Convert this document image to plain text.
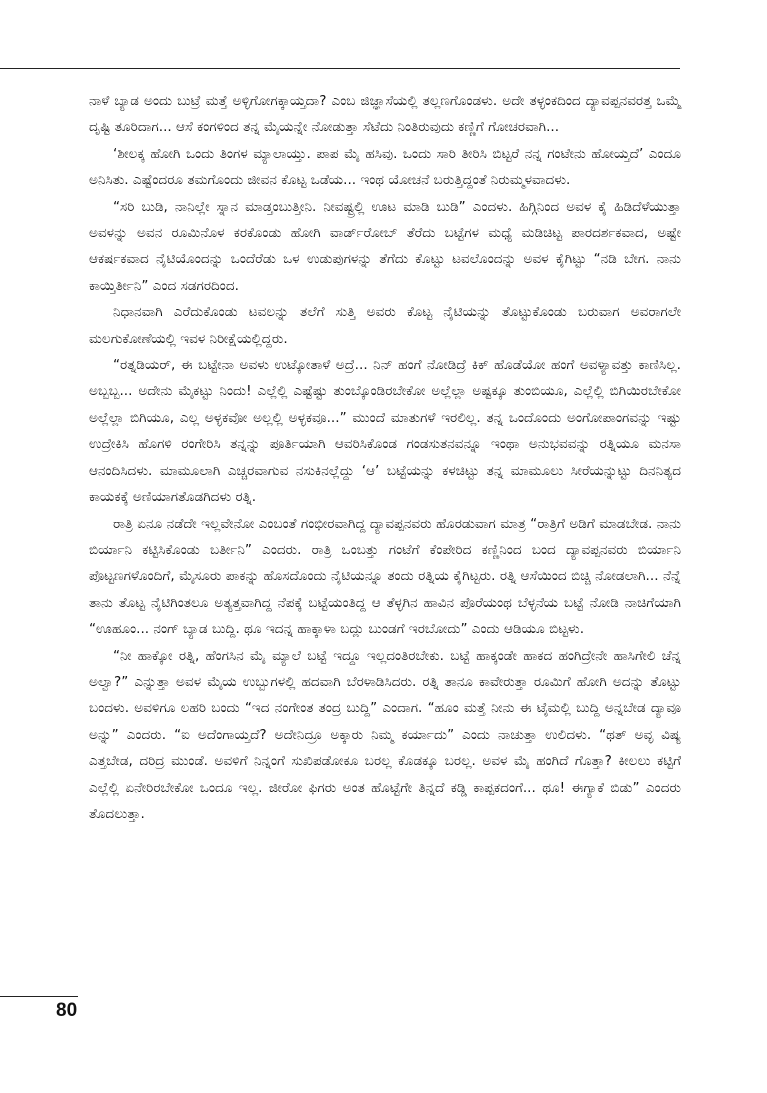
ನಾಳೆ ಬ್ಯಾಡ ಅಂದು ಬುಟ್ರೆ ಮತ್ತೆ ಅಳ್ಳಿಗೋಗಕ್ಕಾಯ್ತದಾ? ಎಂಬ ಜಿಜ್ಞಾಸೆಯಲ್ಲಿ ತಲ್ಲಣಗೊಂಡಳು. ಅದೇ ತಳ್ಳಂಕದಿಂದ ದ್ಯಾವಪ್ಪನವರತ್ತ ಒಮ್ಮೆ ದೃಷ್ಟಿ ತೂರಿದಾಗ... ಆಸೆ ಕಂಗಳಿಂದ ತನ್ನ ಮೈಯನ್ನೇ ನೋಡುತ್ತಾ ಸೆಟೆದು ನಿಂತಿರುವುದು ಕಣ್ಣಿಗೆ ಗೋಚರವಾಗಿ...

‘ಶೀಲಕ್ಕ ಹೋಗಿ ಒಂದು ತಿಂಗಳ ಮ್ಯಾಲಾಯ್ತು. ಪಾಪ ಮೈ ಹಸಿವು. ಒಂದು ಸಾರಿ ತೀರಿಸಿ ಬಿಟ್ಟರೆ ನನ್ನ ಗಂಟೇನು ಹೋಯ್ತದೆ’ ಎಂದೂ ಅನಿಸಿತು. ಎಷ್ಟೆಂದರೂ ತಮಗೊಂದು ಜೀವನ ಕೊಟ್ಟ ಒಡೆಯ... ಇಂಥ ಯೋಚನೆ ಬರುತ್ತಿದ್ದಂತೆ ನಿರುಮ್ಮಳವಾದಳು.

“ಸರಿ ಬುಡಿ, ನಾನಿಲ್ಲೇ ಸ್ನಾನ ಮಾಡ್ತಂಬುತ್ತೀನಿ. ನೀವಷ್ಟ್ರಲ್ಲಿ ಊಟ ಮಾಡಿ ಬುಡಿ” ಎಂದಳು. ಹಿಗ್ಗಿನಿಂದ ಅವಳ ಕೈ ಹಿಡಿದೆಳೆಯುತ್ತಾ ಅವಳನ್ನು ಅವನ ರೂಮಿನೊಳ ಕರಕೊಂಡು ಹೋಗಿ ವಾರ್ಡ್‌ರೋಬ್ ತೆರೆದು ಬಟ್ಟೆಗಳ ಮಧ್ಯೆ ಮಡಿಚಿಟ್ಟ ಪಾರದರ್ಶಕವಾದ, ಅಷ್ಟೇ ಆಕರ್ಷಕವಾದ ನೈಟಿಯೊಂದನ್ನು ಒಂದೆರೆಡು ಒಳ ಉಡುಪುಗಳನ್ನು ತೆಗೆದು ಕೊಟ್ಟು ಟವಲೊಂದನ್ನು ಅವಳ ಕೈಗಿಟ್ಟು “ನಡಿ ಬೇಗ. ನಾನು ಕಾಯ್ತಿರ್ತೀನಿ” ಎಂದ ಸಡಗರದಿಂದ.

ನಿಧಾನವಾಗಿ ಎರೆದುಕೊಂಡು ಟವಲನ್ನು ತಲೆಗೆ ಸುತ್ತಿ ಅವರು ಕೊಟ್ಟ ನೈಟಿಯನ್ನು ತೊಟ್ಟುಕೊಂಡು ಬರುವಾಗ ಅವರಾಗಲೇ ಮಲಗುಕೋಣೆಯಲ್ಲಿ ಇವಳ ನಿರೀಕ್ಷೆಯಲ್ಲಿದ್ದರು.

“ರತ್ನಡಿಯರ್, ಈ ಬಟ್ಟೇನಾ ಅವಳು ಉಟ್ಕೋತಾಳೆ ಅದ್ರೆ... ನಿನ್ ಹಂಗೆ ನೋಡಿದ್ರೆ ಕಿಕ್ ಹೊಡೆಯೋ ಹಂಗೆ ಅವಳ್ಯಾವತ್ತು ಕಾಣಿಸಿಲ್ಲ. ಅಬ್ಬಬ್ಬ... ಅದೇನು ಮೈಕಟ್ಟು ನಿಂದು! ಎಲ್ಲೆಲ್ಲಿ ಎಷ್ಟೆಷ್ಟು ತುಂಬ್ಕೊಂಡಿರಬೇಕೋ ಅಲ್ಲೆಲ್ಲಾ ಅಷ್ಟಕ್ಕೂ ತುಂಬಿಯೂ, ಎಲ್ಲೆಲ್ಲಿ ಬಿಗಿಯಿರಬೇಕೋ ಅಲ್ಲೆಲ್ಲಾ ಬಿಗಿಯೂ, ಎಲ್ಲ ಅಳ್ಳಕವೋ ಅಲ್ಲಲ್ಲಿ ಅಳ್ಳಕವೂ...” ಮುಂದೆ ಮಾತುಗಳೆ ಇರಲಿಲ್ಲ. ತನ್ನ ಒಂದೊಂದು ಅಂಗೋಪಾಂಗವನ್ನು ಇಷ್ಟು ಉದ್ರೇಕಿಸಿ ಹೊಗಳಿ ರಂಗೇರಿಸಿ ತನ್ನನ್ನು ಪೂರ್ತಿಯಾಗಿ ಆವರಿಸಿಕೊಂಡ ಗಂಡಸುತನವನ್ನೂ ಇಂಥಾ ಅನುಭವವನ್ನು ರತ್ನಿಯೂ ಮನಸಾ ಆನಂದಿಸಿದಳು. ಮಾಮೂಲಾಗಿ ಎಚ್ಚರವಾಗುವ ನಸುಕಿನಲ್ಲೆದ್ದು ‘ಆ’ ಬಟ್ಟೆಯನ್ನು ಕಳಚಿಟ್ಟು ತನ್ನ ಮಾಮೂಲು ಸೀರೆಯನ್ನುಟ್ಟು ದಿನನಿತ್ಯದ ಕಾಯಕಕ್ಕೆ ಅಣಿಯಾಗತೊಡಗಿದಳು ರತ್ನಿ.

ರಾತ್ರಿ ಏನೂ ನಡೆದೇ ಇಲ್ಲವೇನೋ ಎಂಬಂತೆ ಗಂಭೀರವಾಗಿದ್ದ ದ್ಯಾವಪ್ಪನವರು ಹೊರಡುವಾಗ ಮಾತ್ರ “ರಾತ್ರಿಗೆ ಅಡಿಗೆ ಮಾಡಬೇಡ. ನಾನು ಬಿರ್ಯಾನಿ ಕಟ್ಟಿಸಿಕೊಂಡು ಬರ್ತೀನಿ” ಎಂದರು. ರಾತ್ರಿ ಒಂಬತ್ತು ಗಂಟೆಗೆ ಕೆಂಪೇರಿದ ಕಣ್ಣಿನಿಂದ ಬಂದ ದ್ಯಾವಪ್ಪನವರು ಬಿರ್ಯಾನಿ ಪೊಟ್ಟಣಗಳೊಂದಿಗೆ, ಮೈಸೂರು ಪಾಕನ್ನು ಹೊಸದೊಂದು ನೈಟಿಯನ್ನೂ ತಂದು ರತ್ನಿಯ ಕೈಗಿಟ್ಟರು. ರತ್ನಿ ಆಸೆಯಿಂದ ಬಿಚ್ಚಿ ನೋಡಲಾಗಿ... ನೆನ್ನೆ ತಾನು ತೊಟ್ಟ ನೈಟಿಗಿಂತಲೂ ಅತ್ಯತ್ತವಾಗಿದ್ದ ನೆಪಕ್ಕೆ ಬಟ್ಟೆಯಂತಿದ್ದ ಆ ತೆಳ್ಳಗಿನ ಹಾವಿನ ಪೊರೆಯಂಥ ಬೆಳ್ಳನೆಯ ಬಟ್ಟೆ ನೋಡಿ ನಾಚಿಗೆಯಾಗಿ “ಊಹೂಂ... ನಂಗ್ ಬ್ಯಾಡ ಬುದ್ದಿ. ಥೂ ಇದನ್ನ ಹಾಕ್ಕಾಳಾ ಬದ್ಲು ಬುಂಡಗೆ ಇರಬೋದು” ಎಂದು ಆಡಿಯೂ ಬಿಟ್ಟಳು.

“ನೀ ಹಾಕ್ಕೋ ರತ್ನಿ, ಹೆಂಗಸಿನ ಮೈ ಮ್ಯಾಲೆ ಬಟ್ಟೆ ಇದ್ದೂ ಇಲ್ಲದಂತಿರಬೇಕು. ಬಟ್ಟೆ ಹಾಕ್ಕಂಡೇ ಹಾಕದ ಹಂಗಿದ್ರೇನೇ ಹಾಸಿಗೇಲಿ ಚೆನ್ನ ಅಲ್ವಾ?” ಎನ್ನುತ್ತಾ ಅವಳ ಮೈಯ ಉಬ್ಬುಗಳಲ್ಲಿ ಹದವಾಗಿ ಬೆರಳಾಡಿಸಿದರು. ರತ್ನಿ ತಾನೂ ಕಾವೇರುತ್ತಾ ರೂಮಿಗೆ ಹೋಗಿ ಅದನ್ನು ತೊಟ್ಟು ಬಂದಳು. ಅವಳಿಗೂ ಲಹರಿ ಬಂದು “ಇದ ನಂಗೇಂತ ತಂದ್ರ ಬುದ್ದಿ” ಎಂದಾಗ. “ಹೂಂ ಮತ್ತೆ ನೀನು ಈ ಟೈಮಲ್ಲಿ ಬುದ್ದಿ ಅನ್ನಬೇಡ ದ್ಯಾವೂ ಅನ್ನು” ಎಂದರು. “ಐ ಅದೆಂಗಾಯ್ತದೆ? ಅದೇನಿದ್ರೂ ಅಕ್ಕಾರು ನಿಮ್ಮ ಕರ್ಯಾದು” ಎಂದು ನಾಚುತ್ತಾ ಉಲಿದಳು. “ಥತ್ ಅವ್ಳ ವಿಷ್ಯ ಎತ್ತಬೇಡ, ದರಿದ್ರ ಮುಂಡೆ. ಅವಳಿಗೆ ನಿನ್ನಂಗೆ ಸುಖಿಪಡೋಕೂ ಬರಲ್ಲ ಕೊಡಕ್ಕೂ ಬರಲ್ಲ. ಅವಳ ಮೈ ಹಂಗಿದೆ ಗೊತ್ತಾ? ಕೀಲಲು ಕಟ್ಟಿಗೆ ಎಲ್ಲೆಲ್ಲಿ ಏನೇರಿರಬೇಕೋ ಒಂದೂ ಇಲ್ಲ. ಜೀರೋ ಫಿಗರು ಅಂತ ಹೊಟ್ಟೆಗೇ ತಿನ್ನದೆ ಕಡ್ಡಿ ಕಾಪ್ಪಕದಂಗೆ... ಥೂ! ಈಗ್ಯಾಕೆ ಬಿಡು” ಎಂದರು ತೊದಲುತ್ತಾ.

80
